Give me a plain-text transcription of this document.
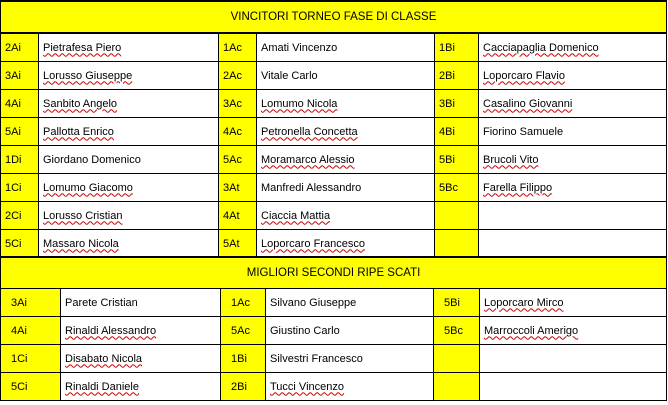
VINCITORI TORNEO FASE DI CLASSE					
2Ai	Pietrafesa Piero	1Ac	Amati Vincenzo	1Bi	Cacciapaglia Domenico
3Ai	Lorusso Giuseppe	2Ac	Vitale Carlo	2Bi	Loporcaro Flavio
4Ai	Sanbito Angelo	3Ac	Lomumo Nicola	3Bi	Casalino Giovanni
5Ai	Pallotta Enrico	4Ac	Petronella Concetta	4Bi	Fiorino Samuele
1Di	Giordano Domenico	5Ac	Moramarco Alessio	5Bi	Brucoli Vito
1Ci	Lomumo Giacomo	3At	Manfredi Alessandro	5Bc	Farella Filippo
2Ci	Lorusso Cristian	4At	Ciaccia Mattia		
5Ci	Massaro Nicola	5At	Loporcaro Francesco		
MIGLIORI SECONDI RIPE SCATI					
3Ai	Parete Cristian	1Ac	Silvano Giuseppe	5Bi	Loporcaro Mirco
4Ai	Rinaldi Alessandro	5Ac	Giustino Carlo	5Bc	Marroccoli Amerigo
1Ci	Disabato Nicola	1Bi	Silvestri Francesco		
5Ci	Rinaldi Daniele	2Bi	Tucci Vincenzo		
